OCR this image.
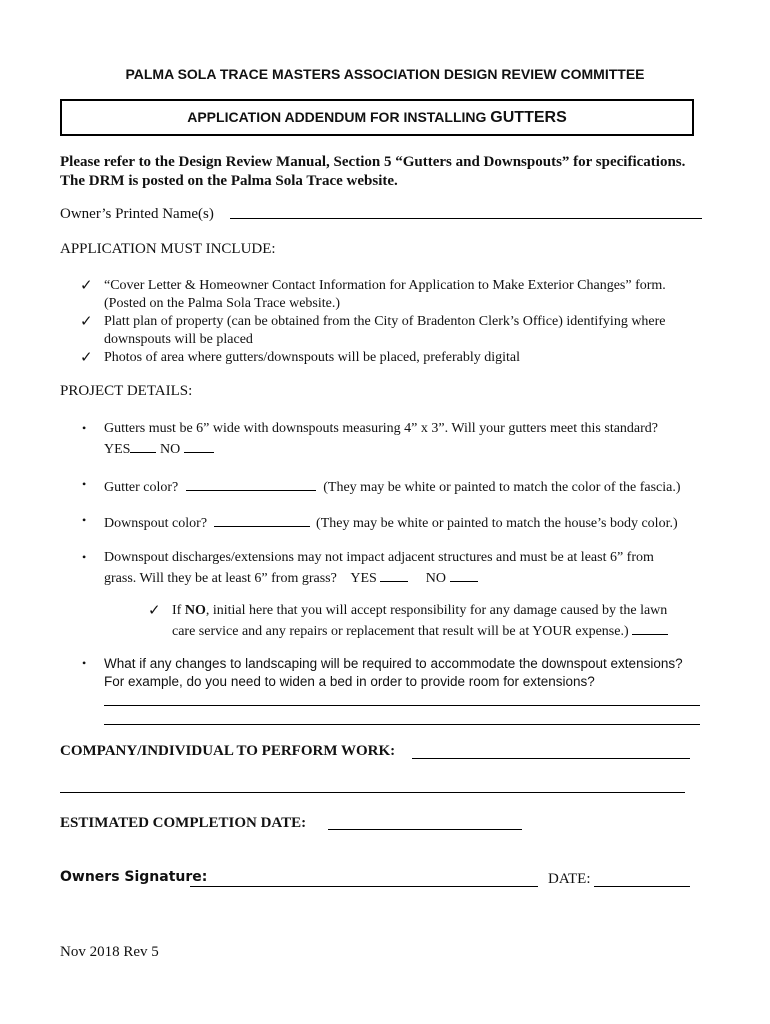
PALMA SOLA TRACE MASTERS ASSOCIATION DESIGN REVIEW COMMITTEE
APPLICATION ADDENDUM FOR INSTALLING GUTTERS
Please refer to the Design Review Manual, Section 5 “Gutters and Downspouts” for specifications.
The DRM is posted on the Palma Sola Trace website.
Owner’s Printed Name(s)
APPLICATION MUST INCLUDE:
✓ “Cover Letter & Homeowner Contact Information for Application to Make Exterior Changes” form.
(Posted on the Palma Sola Trace website.)
✓ Platt plan of property (can be obtained from the City of Bradenton Clerk’s Office) identifying where
downspouts will be placed
✓ Photos of area where gutters/downspouts will be placed, preferably digital
PROJECT DETAILS:
• Gutters must be 6” wide with downspouts measuring 4” x 3”. Will your gutters meet this standard?
YES NO
• Gutter color?	(They may be white or painted to match the color of the fascia.)
• Downspout color?	(They may be white or painted to match the house’s body color.)
• Downspout discharges/extensions may not impact adjacent structures and must be at least 6” from
grass. Will they be at least 6” from grass? YES	NO
✓ If NO, initial here that you will accept responsibility for any damage caused by the lawn
care service and any repairs or replacement that result will be at YOUR expense.)
• What if any changes to landscaping will be required to accommodate the downspout extensions?
For example, do you need to widen a bed in order to provide room for extensions?
COMPANY/INDIVIDUAL TO PERFORM WORK:
ESTIMATED COMPLETION DATE:
Owners Signature:	DATE:
Nov 2018 Rev 5
